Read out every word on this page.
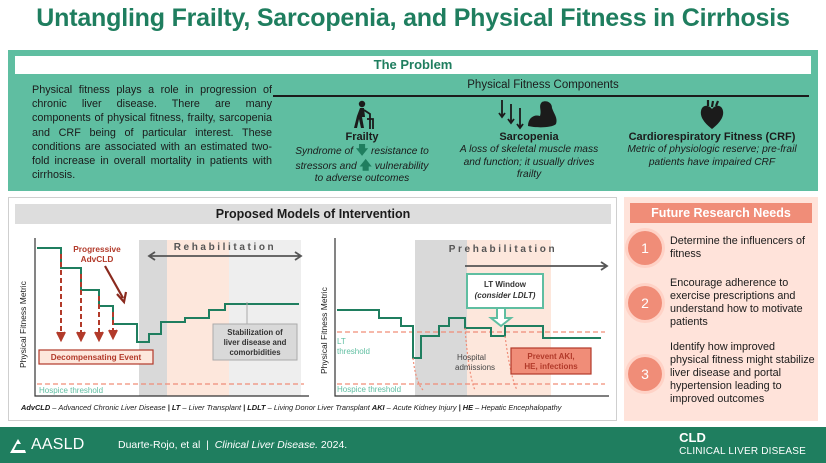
Untangling Frailty, Sarcopenia, and Physical Fitness in Cirrhosis
The Problem
Physical fitness plays a role in progression of chronic liver disease. There are many components of physical fitness, frailty, sarcopenia and CRF being of particular interest. These conditions are associated with an estimated two-fold increase in overall mortality in patients with cirrhosis.
Physical Fitness Components
Frailty
Syndrome of 🡇 resistance to
stressors and 🡅 vulnerability
to adverse outcomes
Sarcopenia
A loss of skeletal muscle mass and function; it usually drives frailty
Cardiorespiratory Fitness (CRF)
Metric of physiologic reserve; pre-frail patients have impaired CRF
Proposed Models of Intervention
Physical Fitness Metric
Hospice threshold
Progressive
AdvCLD
Decompensating Event
Rehabilitation
Stabilization of
liver disease and
comorbidities	Physical Fitness Metric
Hospice threshold
LT
threshold
Prehabilitation
LT Window
(consider LDLT)
Hospital
admissions
Prevent AKI,
HE, infections
AdvCLD – Advanced Chronic Liver Disease | LT – Liver Transplant | LDLT – Living Donor Liver Transplant AKI – Acute Kidney Injury | HE – Hepatic Encephalopathy
Future Research Needs
1	Determine the influencers of fitness
2
Encourage adherence to exercise prescriptions and understand how to motivate patients
3
Identify how improved physical fitness might stabilize liver disease and portal hypertension leading to improved outcomes
AASLD	Duarte-Rojo, et al  |  Clinical Liver Disease. 2024.	CLD
CLINICAL LIVER DISEASE
